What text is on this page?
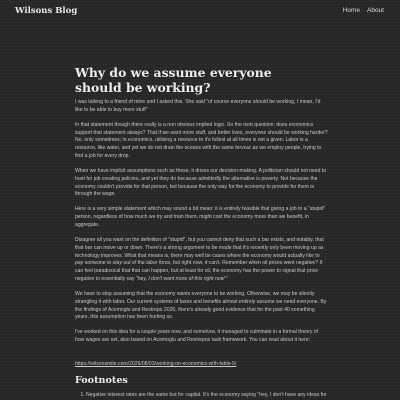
Wilsons Blog	Home About
Why do we assume everyone should be working?

I was talking to a friend of mine and I asked this. She said "of course everyone should be working, I mean, I'd like to be able to buy more stuff"

In that statement though there really is a non obvious implied logic. So the next question: does economics support that statement always? That if we want more stuff, and better lives, everyone should be working harder? No, only sometimes; in economics, utilizing a resource to it's fullest at all times is not a given. Labor is a resource, like water, and yet we do not drain the oceans with the same fervour as we employ people, trying to find a job for every drop.

When we have implicit assumptions such as these, it drives our decision-making. A politician should not need to hunt for job creating policies, and yet they do because admittedly the alternative is poverty. Not because the economy couldn't provide for that person, but because the only way for the economy to provide for them is through the wage.

Here is a very simple statement which may sound a bit mean: it is entirely feasible that giving a job to a "stupid" person, regardless of how much we try and train them, might cost the economy more than we benefit, in aggregate.

Disagree all you want on the definition of "stupid", but you cannot deny that such a bar exists, and notably, that that bar can move up or down. There's a strong argument to be made that it's recently only been moving up as technology improves. What that means is, there may well be cases where the economy would actually like to pay someone to stay out of the labor force, but right now, it can't. Remember when oil prices went negative? It can feel paradoxical that that can happen, but at least for oil, the economy has the power to signal that price negative to essentially say "hey, I don't want more of this right now"$^1$

We have to stop assuming that the economy wants everyone to be working. Otherwise, we may be silently strangling it with labor. Our current systems of taxes and benefits almost entirely assume we need everyone. By the findings of Acemoglu and Restrepo 2026, there's already good evidence that for the past 40 something years, this assumption has been hurting us.

I've worked on this idea for a couple years now, and somehow, it managed to culminate in a formal theory of how wages are set, also based on Acemoglu and Restrepos task framework. You can read about it here:

https://wilsonsmite.com/2026/08/03/working-on-economics-with-fable-5/
Footnotes
1. Negative interest rates are the same but for capital. It's the economy saying "hey, I don't have any ideas for
